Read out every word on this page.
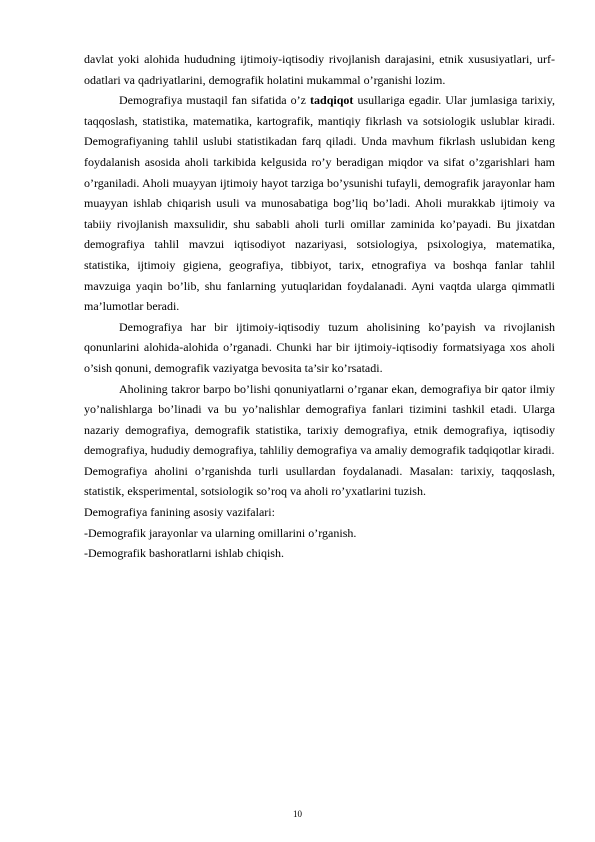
davlat yoki alohida hududning ijtimoiy-iqtisodiy rivojlanish darajasini, etnik xususiyatlari, urf-odatlari va qadriyatlarini, demografik holatini mukammal o’rganishi lozim.

Demografiya mustaqil fan sifatida o’z tadqiqot usullariga egadir. Ular jumlasiga tarixiy, taqqoslash, statistika, matematika, kartografik, mantiqiy fikrlash va sotsiologik uslublar kiradi. Demografiyaning tahlil uslubi statistikadan farq qiladi. Unda mavhum fikrlash uslubidan keng foydalanish asosida aholi tarkibida kelgusida ro’y beradigan miqdor va sifat o’zgarishlari ham o’rganiladi. Aholi muayyan ijtimoiy hayot tarziga bo’ysunishi tufayli, demografik jarayonlar ham muayyan ishlab chiqarish usuli va munosabatiga bog’liq bo’ladi. Aholi murakkab ijtimoiy va tabiiy rivojlanish maxsulidir, shu sababli aholi turli omillar zaminida ko’payadi. Bu jixatdan demografiya tahlil mavzui iqtisodiyot nazariyasi, sotsiologiya, psixologiya, matematika, statistika, ijtimoiy gigiena, geografiya, tibbiyot, tarix, etnografiya va boshqa fanlar tahlil mavzuiga yaqin bo’lib, shu fanlarning yutuqlaridan foydalanadi. Ayni vaqtda ularga qimmatli ma’lumotlar beradi.

Demografiya har bir ijtimoiy-iqtisodiy tuzum aholisining ko’payish va rivojlanish qonunlarini alohida-alohida o’rganadi. Chunki har bir ijtimoiy-iqtisodiy formatsiyaga xos aholi o’sish qonuni, demografik vaziyatga bevosita ta’sir ko’rsatadi.

Aholining takror barpo bo’lishi qonuniyatlarni o’rganar ekan, demografiya bir qator ilmiy yo’nalishlarga bo’linadi va bu yo’nalishlar demografiya fanlari tizimini tashkil etadi. Ularga nazariy demografiya, demografik statistika, tarixiy demografiya, etnik demografiya, iqtisodiy demografiya, hududiy demografiya, tahliliy demografiya va amaliy demografik tadqiqotlar kiradi.

Demografiya aholini o’rganishda turli usullardan foydalanadi. Masalan: tarixiy, taqqoslash, statistik, eksperimental, sotsiologik so’roq va aholi ro’yxatlarini tuzish.

Demografiya fanining asosiy vazifalari:

-Demografik jarayonlar va ularning omillarini o’rganish.

-Demografik bashoratlarni ishlab chiqish.

10
